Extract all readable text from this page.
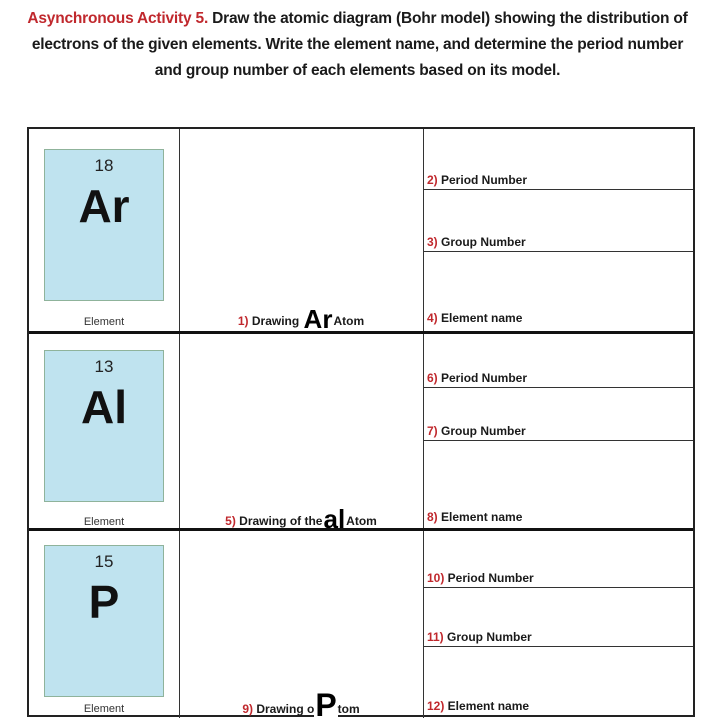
Asynchronous Activity 5. Draw the atomic diagram (Bohr model) showing the distribution of electrons of the given elements. Write the element name, and determine the period number and group number of each elements based on its model.
18
Ar
Element	1) Drawing ArAtom
2) Period Number
3) Group Number
4) Element name
13
Al
Element	5) Drawing of thealAtom
6) Period Number
7) Group Number
8) Element name
15
P
Element	9) Drawing oPtom
10) Period Number
11) Group Number
12) Element name
